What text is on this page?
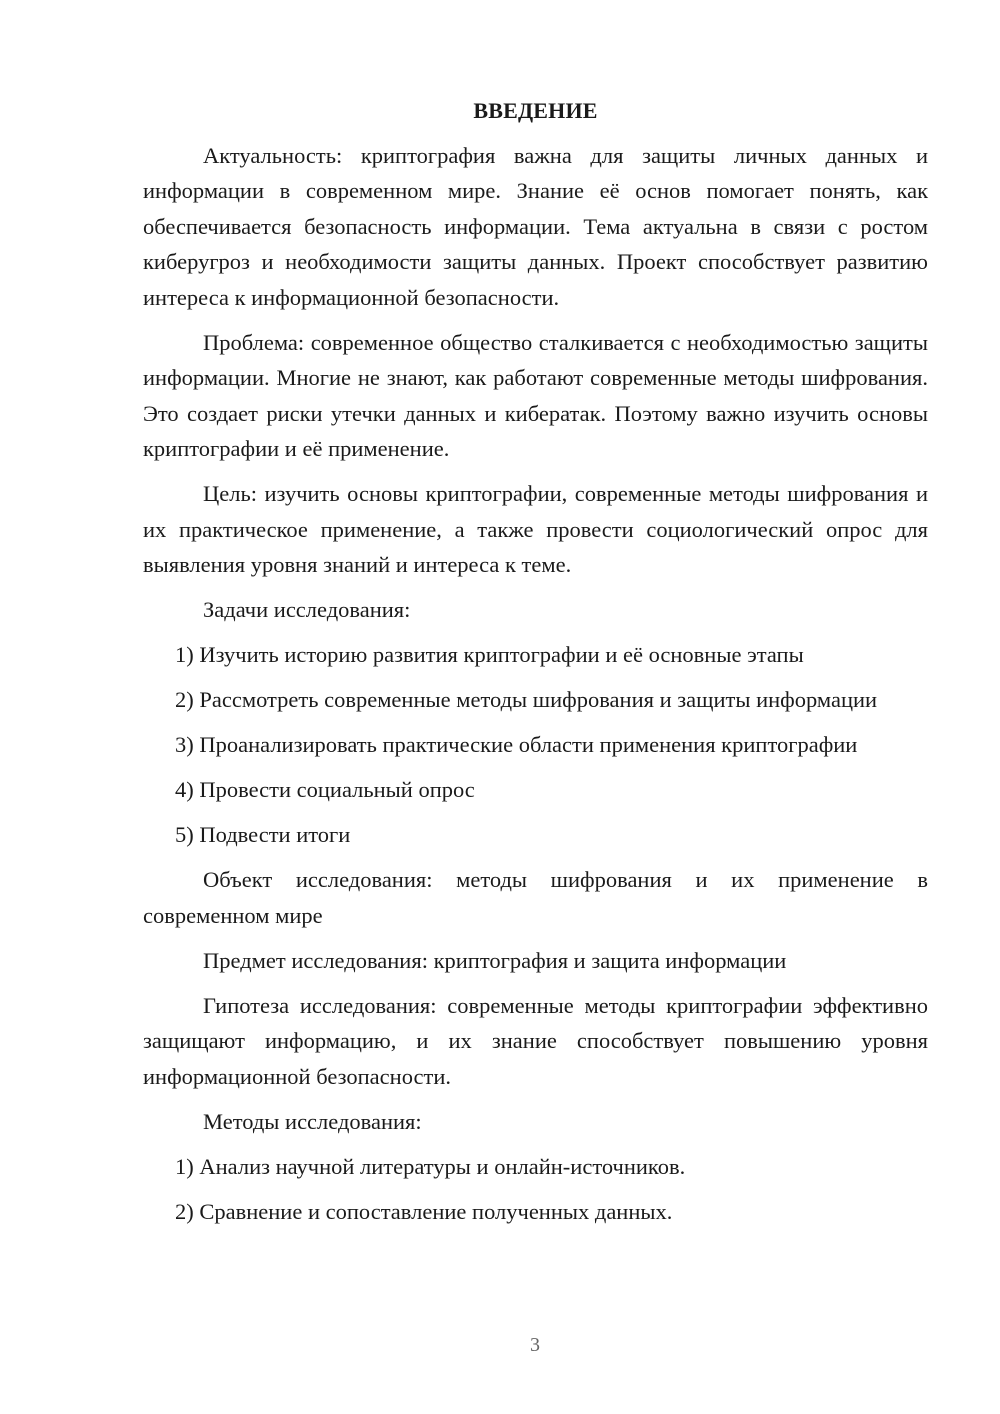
ВВЕДЕНИЕ

Актуальность: криптография важна для защиты личных данных и информации в современном мире. Знание её основ помогает понять, как обеспечивается безопасность информации. Тема актуальна в связи с ростом киберугроз и необходимости защиты данных. Проект способствует развитию интереса к информационной безопасности.

Проблема: современное общество сталкивается с необходимостью защиты информации. Многие не знают, как работают современные методы шифрования. Это создает риски утечки данных и кибератак. Поэтому важно изучить основы криптографии и её применение.

Цель: изучить основы криптографии, современные методы шифрования и их практическое применение, а также провести социологический опрос для выявления уровня знаний и интереса к теме.

Задачи исследования:

1) Изучить историю развития криптографии и её основные этапы

2) Рассмотреть современные методы шифрования и защиты информации

3) Проанализировать практические области применения криптографии

4) Провести социальный опрос

5) Подвести итоги

Объект исследования: методы шифрования и их применение в современном мире

Предмет исследования: криптография и защита информации

Гипотеза исследования: современные методы криптографии эффективно защищают информацию, и их знание способствует повышению уровня информационной безопасности.

Методы исследования:

1) Анализ научной литературы и онлайн-источников.

2) Сравнение и сопоставление полученных данных.

3
